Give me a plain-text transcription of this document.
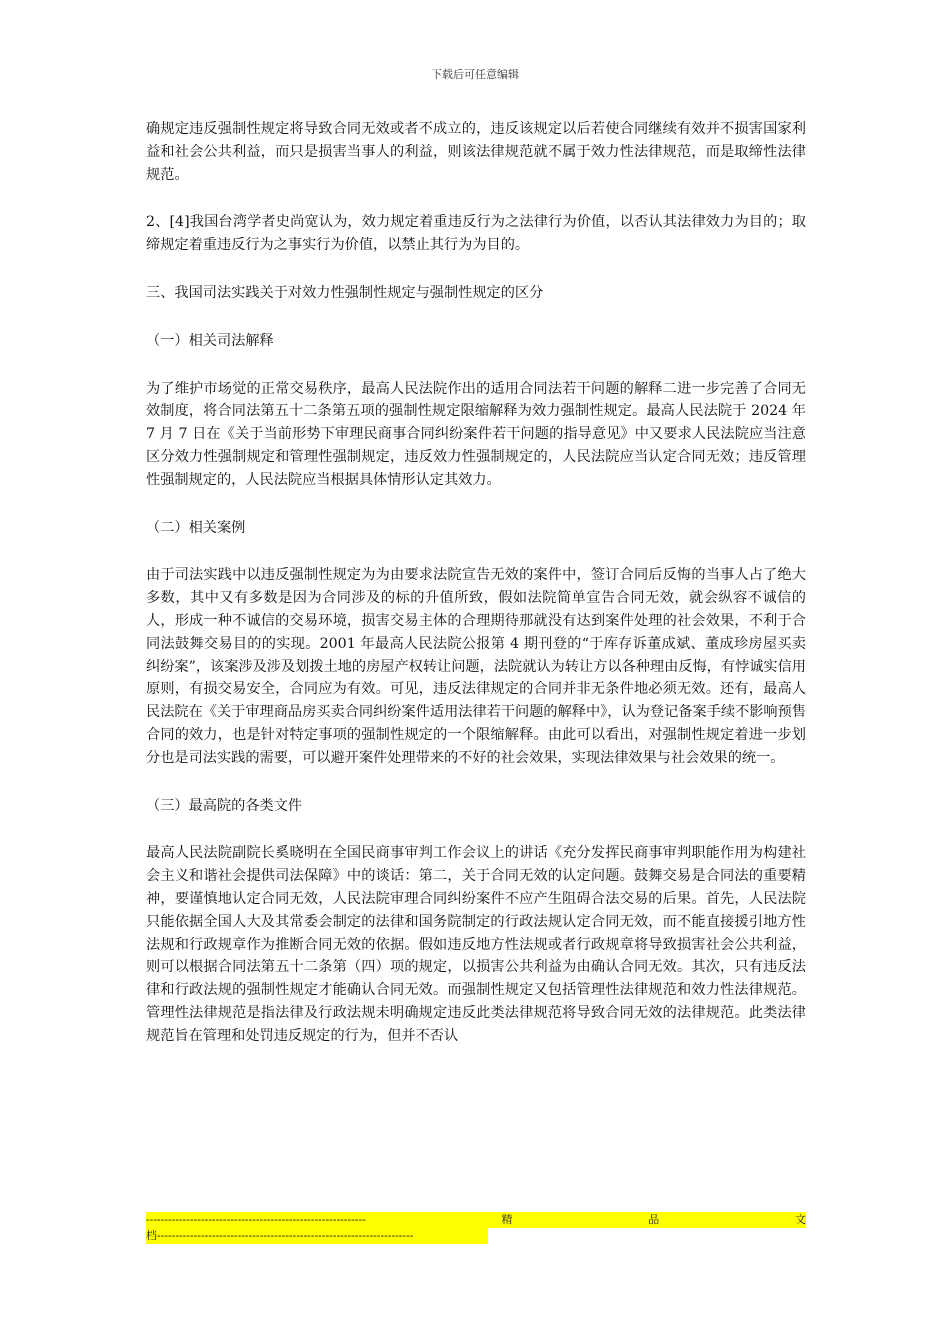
下载后可任意编辑

确规定违反强制性规定将导致合同无效或者不成立的，违反该规定以后若使合同继续有效并不损害国家利益和社会公共利益，而只是损害当事人的利益，则该法律规范就不属于效力性法律规范，而是取缔性法律规范。

2、[4]我国台湾学者史尚宽认为，效力规定着重违反行为之法律行为价值，以否认其法律效力为目的；取缔规定着重违反行为之事实行为价值，以禁止其行为为目的。

三、我国司法实践关于对效力性强制性规定与强制性规定的区分

（一）相关司法解释

为了维护市场觉的正常交易秩序，最高人民法院作出的适用合同法若干问题的解释二进一步完善了合同无效制度，将合同法第五十二条第五项的强制性规定限缩解释为效力强制性规定。最高人民法院于 2024 年 7 月 7 日在《关于当前形势下审理民商事合同纠纷案件若干问题的指导意见》中又要求人民法院应当注意区分效力性强制规定和管理性强制规定，违反效力性强制规定的，人民法院应当认定合同无效；违反管理性强制规定的，人民法院应当根据具体情形认定其效力。

（二）相关案例

由于司法实践中以违反强制性规定为为由要求法院宣告无效的案件中，签订合同后反悔的当事人占了绝大多数，其中又有多数是因为合同涉及的标的升值所致，假如法院简单宣告合同无效，就会纵容不诚信的人，形成一种不诚信的交易环境，损害交易主体的合理期待那就没有达到案件处理的社会效果，不利于合同法鼓舞交易目的的实现。2001 年最高人民法院公报第 4 期刊登的“于库存诉董成斌、董成珍房屋买卖纠纷案”，该案涉及涉及划拨土地的房屋产权转让问题，法院就认为转让方以各种理由反悔，有悖诚实信用原则，有损交易安全，合同应为有效。可见，违反法律规定的合同并非无条件地必须无效。还有，最高人民法院在《关于审理商品房买卖合同纠纷案件适用法律若干问题的解释中》，认为登记备案手续不影响预售合同的效力，也是针对特定事项的强制性规定的一个限缩解释。由此可以看出，对强制性规定着进一步划分也是司法实践的需要，可以避开案件处理带来的不好的社会效果，实现法律效果与社会效果的统一。

（三）最高院的各类文件

最高人民法院副院长奚晓明在全国民商事审判工作会议上的讲话《充分发挥民商事审判职能作用为构建社会主义和谐社会提供司法保障》中的谈话：第二，关于合同无效的认定问题。鼓舞交易是合同法的重要精神，要谨慎地认定合同无效，人民法院审理合同纠纷案件不应产生阻碍合法交易的后果。首先，人民法院只能依据全国人大及其常委会制定的法律和国务院制定的行政法规认定合同无效，而不能直接援引地方性法规和行政规章作为推断合同无效的依据。假如违反地方性法规或者行政规章将导致损害社会公共利益，则可以根据合同法第五十二条第（四）项的规定，以损害公共利益为由确认合同无效。其次，只有违反法律和行政法规的强制性规定才能确认合同无效。而强制性规定又包括管理性法律规范和效力性法律规范。管理性法律规范是指法律及行政法规未明确规定违反此类法律规范将导致合同无效的法律规范。此类法律规范旨在管理和处罚违反规定的行为，但并不否认

------------------------------------------------------------	精	品	文
档----------------------------------------------------------------------
